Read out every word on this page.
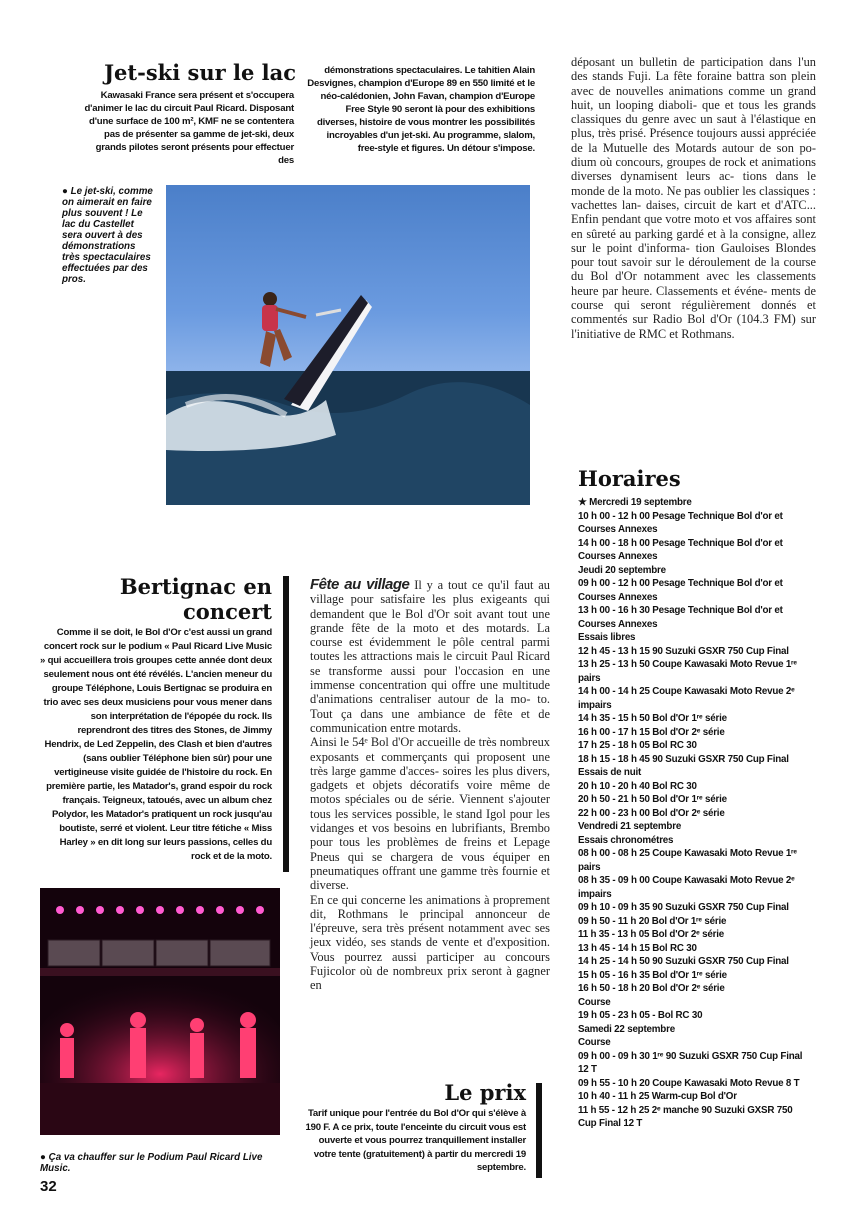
Jet-ski sur le lac

Kawasaki France sera présent et s'occupera d'animer le lac du circuit Paul Ricard. Disposant d'une surface de 100 m², KMF ne se contentera pas de présenter sa gamme de jet-ski, deux grands pilotes seront présents pour effectuer des

démonstrations spectaculaires. Le tahitien Alain Desvignes, champion d'Europe 89 en 550 limité et le néo-calédonien, John Favan, champion d'Europe Free Style 90 seront là pour des exhibitions diverses, histoire de vous montrer les possibilités incroyables d'un jet-ski. Au programme, slalom, free-style et figures. Un détour s'impose.

● Le jet-ski, comme on aimerait en faire plus souvent ! Le lac du Castellet sera ouvert à des démonstrations très spectaculaires effectuées par des pros.

déposant un bulletin de participation dans l'un des stands Fuji. La fête foraine battra son plein avec de nouvelles animations comme un grand huit, un looping diaboli- que et tous les grands classiques du genre avec un saut à l'élastique en plus, très prisé. Présence toujours aussi appréciée de la Mutuelle des Motards autour de son po- dium où concours, groupes de rock et animations diverses dynamisent leurs ac- tions dans le monde de la moto. Ne pas oublier les classiques : vachettes lan- daises, circuit de kart et d'ATC... Enfin pendant que votre moto et vos affaires sont en sûreté au parking gardé et à la consigne, allez sur le point d'informa- tion Gauloises Blondes pour tout savoir sur le déroulement de la course du Bol d'Or notamment avec les classements heure par heure. Classements et événe- ments de course qui seront régulièrement donnés et commentés sur Radio Bol d'Or (104.3 FM) sur l'initiative de RMC et Rothmans.

Horaires
★ Mercredi 19 septembre
10 h 00 - 12 h 00 Pesage Technique Bol d'or et Courses Annexes
14 h 00 - 18 h 00 Pesage Technique Bol d'or et Courses Annexes
Jeudi 20 septembre
09 h 00 - 12 h 00 Pesage Technique Bol d'or et Courses Annexes
13 h 00 - 16 h 30 Pesage Technique Bol d'or et Courses Annexes
Essais libres
12 h 45 - 13 h 15 90 Suzuki GSXR 750 Cup Final
13 h 25 - 13 h 50 Coupe Kawasaki Moto Revue 1ʳᵉ pairs
14 h 00 - 14 h 25 Coupe Kawasaki Moto Revue 2ᵉ impairs
14 h 35 - 15 h 50 Bol d'Or 1ʳᵉ série
16 h 00 - 17 h 15 Bol d'Or 2ᵉ série
17 h 25 - 18 h 05 Bol RC 30
18 h 15 - 18 h 45 90 Suzuki GSXR 750 Cup Final
Essais de nuit
20 h 10 - 20 h 40 Bol RC 30
20 h 50 - 21 h 50 Bol d'Or 1ʳᵉ série
22 h 00 - 23 h 00 Bol d'Or 2ᵉ série
Vendredi 21 septembre
Essais chronométres
08 h 00 - 08 h 25 Coupe Kawasaki Moto Revue 1ʳᵉ pairs
08 h 35 - 09 h 00 Coupe Kawasaki Moto Revue 2ᵉ impairs
09 h 10 - 09 h 35 90 Suzuki GSXR 750 Cup Final
09 h 50 - 11 h 20 Bol d'Or 1ʳᵉ série
11 h 35 - 13 h 05 Bol d'Or 2ᵉ série
13 h 45 - 14 h 15 Bol RC 30
14 h 25 - 14 h 50 90 Suzuki GSXR 750 Cup Final
15 h 05 - 16 h 35 Bol d'Or 1ʳᵉ série
16 h 50 - 18 h 20 Bol d'Or 2ᵉ série
Course
19 h 05 - 23 h 05 - Bol RC 30
Samedi 22 septembre
Course
09 h 00 - 09 h 30 1ʳᵉ 90 Suzuki GSXR 750 Cup Final 12 T
09 h 55 - 10 h 20 Coupe Kawasaki Moto Revue 8 T
10 h 40 - 11 h 25 Warm-cup Bol d'Or
11 h 55 - 12 h 25 2ᵉ manche 90 Suzuki GXSR 750 Cup Final 12 T
Bertignac en
concert

Comme il se doit, le Bol d'Or c'est aussi un grand concert rock sur le podium « Paul Ricard Live Music » qui accueillera trois groupes cette année dont deux seulement nous ont été révélés. L'ancien meneur du groupe Téléphone, Louis Bertignac se produira en trio avec ses deux musiciens pour vous mener dans son interprétation de l'épopée du rock. Ils reprendront des titres des Stones, de Jimmy Hendrix, de Led Zeppelin, des Clash et bien d'autres (sans oublier Téléphone bien sûr) pour une vertigineuse visite guidée de l'histoire du rock. En première partie, les Matador's, grand espoir du rock français. Teigneux, tatoués, avec un album chez Polydor, les Matador's pratiquent un rock jusqu'au boutiste, serré et violent. Leur titre fétiche « Miss Harley » en dit long sur leurs passions, celles du rock et de la moto.

● Ça va chauffer sur le Podium Paul Ricard Live Music.

Fête au village Il y a tout ce qu'il faut au village pour satisfaire les plus exigeants qui demandent que le Bol d'Or soit avant tout une grande fête de la moto et des motards. La course est évidemment le pôle central parmi toutes les attractions mais le circuit Paul Ricard se transforme aussi pour l'occasion en une immense concentration qui offre une multitude d'animations centraliser autour de la mo- to. Tout ça dans une ambiance de fête et de communication entre motards.

Ainsi le 54ᵉ Bol d'Or accueille de très nombreux exposants et commerçants qui proposent une très large gamme d'acces- soires les plus divers, gadgets et objets décoratifs voire même de motos spéciales ou de série. Viennent s'ajouter tous les services possible, le stand Igol pour les vidanges et vos besoins en lubrifiants, Brembo pour tous les problèmes de freins et Lepage Pneus qui se chargera de vous équiper en pneumatiques offrant une gamme très fournie et diverse.

En ce qui concerne les animations à proprement dit, Rothmans le principal annonceur de l'épreuve, sera très présent notamment avec ses jeux vidéo, ses stands de vente et d'exposition. Vous pourrez aussi participer au concours Fujicolor où de nombreux prix seront à gagner en

Le prix

Tarif unique pour l'entrée du Bol d'Or qui s'élève à 190 F. A ce prix, toute l'enceinte du circuit vous est ouverte et vous pourrez tranquillement installer votre tente (gratuitement) à partir du mercredi 19 septembre.

32
